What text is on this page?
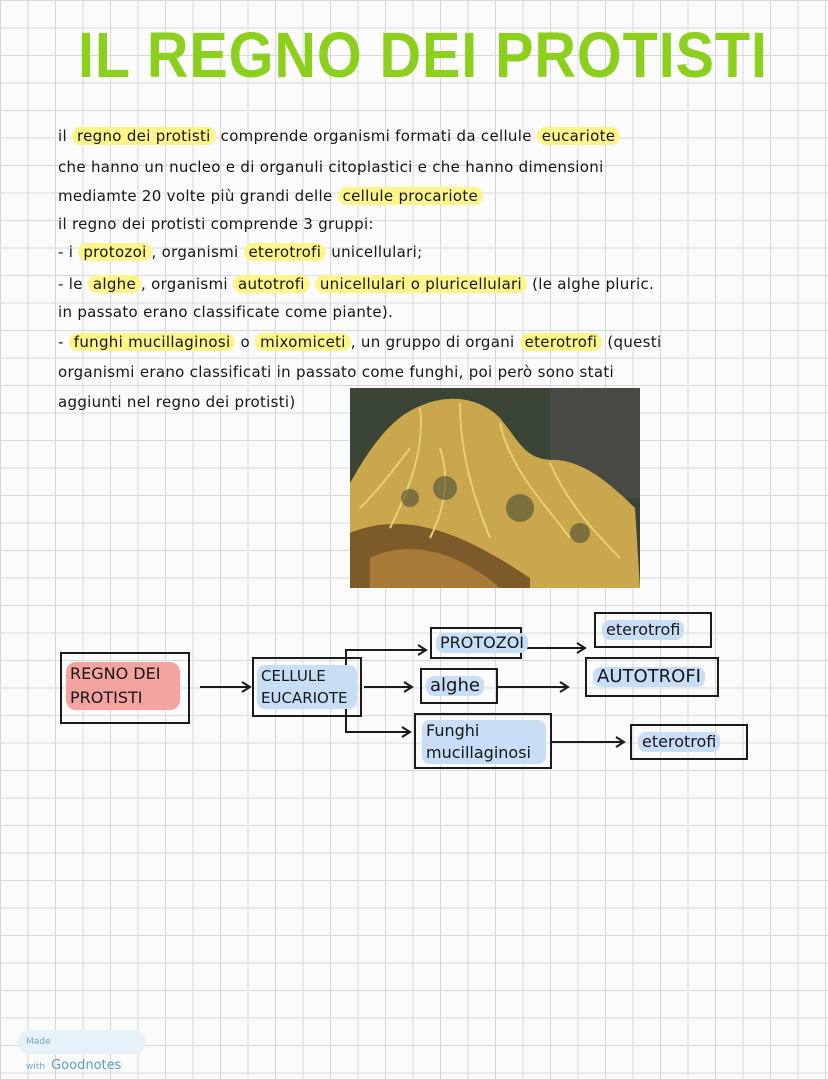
IL REGNO DEI PROTISTI
il regno dei protisti comprende organismi formati da cellule eucariote
che hanno un nucleo e di organuli citoplastici e che hanno dimensioni
mediamte 20 volte più grandi delle cellule procariote
il regno dei protisti comprende 3 gruppi:
- i protozoi , organismi eterotrofi unicellulari;
- le alghe , organismi autotrofi unicellulari o pluricellulari (le alghe pluric.
in passato erano classificate come piante).
- funghi mucillaginosi o mixomiceti , un gruppo di organi eterotrofi (questi
organismi erano classificati in passato come funghi, poi però sono stati
aggiunti nel regno dei protisti)
REGNO DEI PROTISTI
CELLULE EUCARIOTE
PROTOZOI
alghe
Funghi mucillaginosi
eterotrofi
AUTOTROFI
eterotrofi
Made with Goodnotes
